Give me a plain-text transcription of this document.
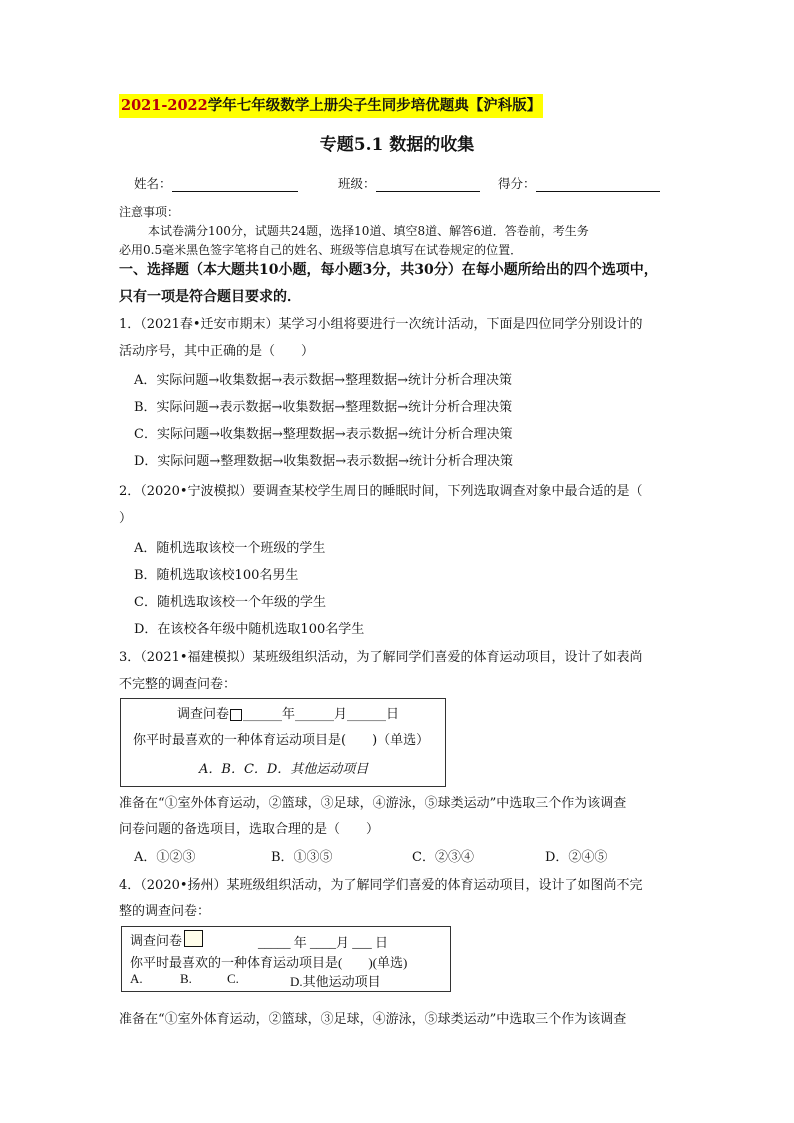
2021-2022学年七年级数学上册尖子生同步培优题典【沪科版】
专题5.1 数据的收集
姓名：	班级：	得分：
注意事项：
本试卷满分100分，试题共24题，选择10道、填空8道、解答6道．答卷前，考生务
必用0.5毫米黑色签字笔将自己的姓名、班级等信息填写在试卷规定的位置．
一、选择题（本大题共10小题，每小题3分，共30分）在每小题所给出的四个选项中，
只有一项是符合题目要求的．
1．（2021春•迁安市期末）某学习小组将要进行一次统计活动，下面是四位同学分别设计的
活动序号，其中正确的是（　　）
A．实际问题→收集数据→表示数据→整理数据→统计分析合理决策
B．实际问题→表示数据→收集数据→整理数据→统计分析合理决策
C．实际问题→收集数据→整理数据→表示数据→统计分析合理决策
D．实际问题→整理数据→收集数据→表示数据→统计分析合理决策
2．（2020•宁波模拟）要调查某校学生周日的睡眠时间，下列选取调查对象中最合适的是（
）
A．随机选取该校一个班级的学生
B．随机选取该校100名男生
C．随机选取该校一个年级的学生
D．在该校各年级中随机选取100名学生
3．（2021•福建模拟）某班级组织活动，为了解同学们喜爱的体育运动项目，设计了如表尚
不完整的调查问卷：
调查问卷 ______年______月______日
你平时最喜欢的一种体育运动项目是(　　)（单选）
A．B．C．D．其他运动项目
准备在“①室外体育运动，②篮球，③足球，④游泳，⑤球类运动”中选取三个作为该调查
问卷问题的备选项目，选取合理的是（　　）
A．①②③	B．①③⑤	C．②③④	D．②④⑤
4．（2020•扬州）某班级组织活动，为了解同学们喜爱的体育运动项目，设计了如图尚不完
整的调查问卷：
调查问卷	_____ 年 ____月 ___ 日
你平时最喜欢的一种体育运动项目是(　　)(单选)
A.	B.	C.	D.其他运动项目
准备在“①室外体育运动，②篮球，③足球，④游泳，⑤球类运动”中选取三个作为该调查
